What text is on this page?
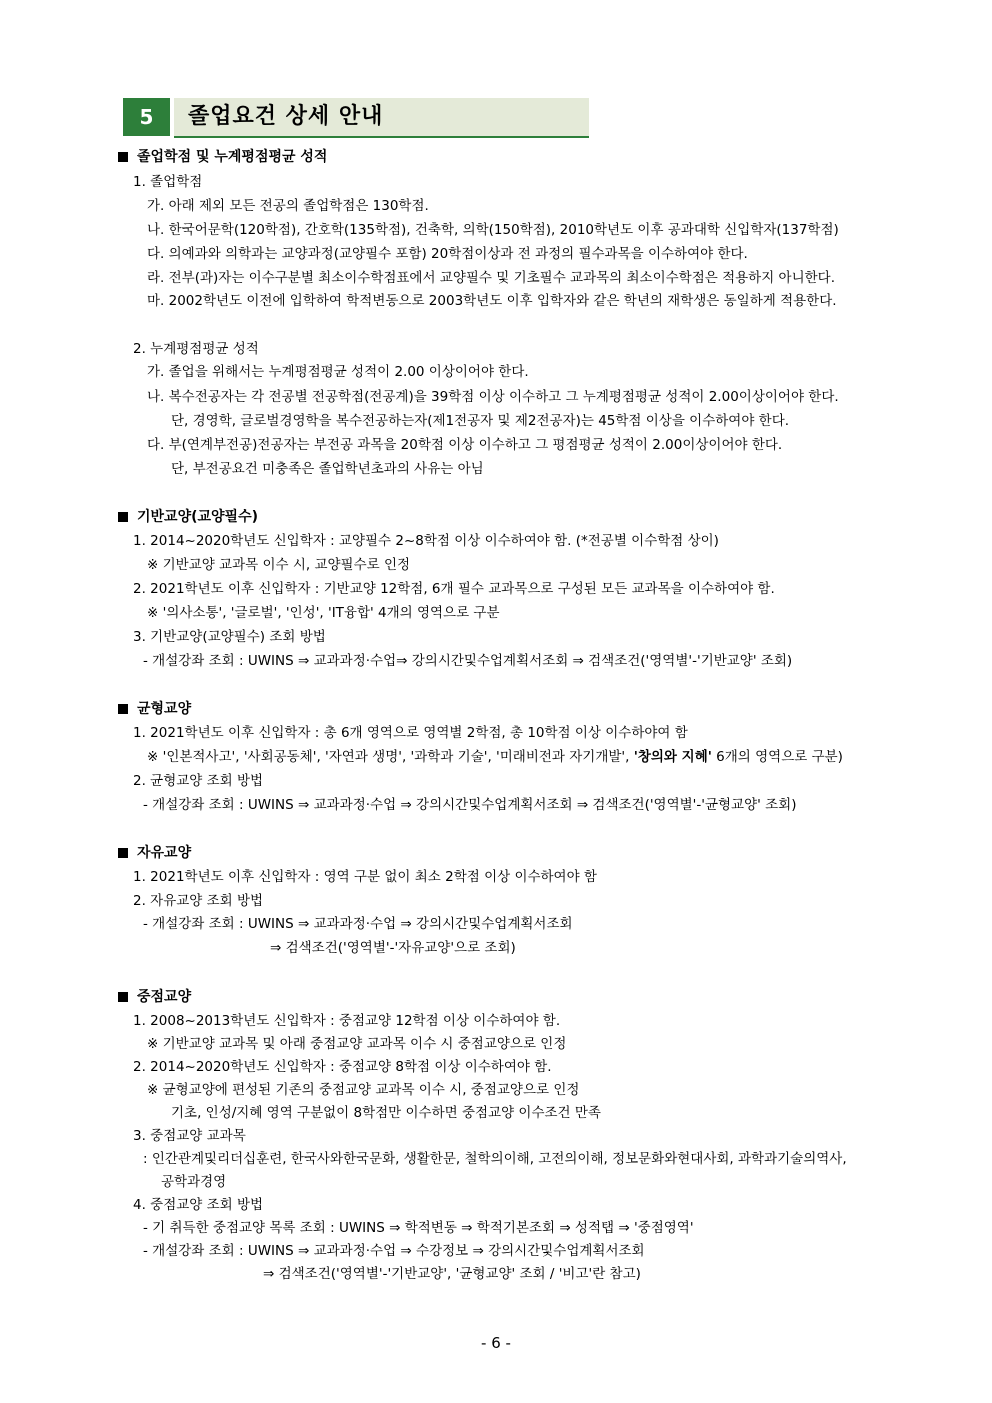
5	졸업요건 상세 안내
졸업학점 및 누계평점평균 성적
1. 졸업학점
가. 아래 제외 모든 전공의 졸업학점은 130학점.
나. 한국어문학(120학점), 간호학(135학점), 건축학, 의학(150학점), 2010학년도 이후 공과대학 신입학자(137학점)
다. 의예과와 의학과는 교양과정(교양필수 포함) 20학점이상과 전 과정의 필수과목을 이수하여야 한다.
라. 전부(과)자는 이수구분별 최소이수학점표에서 교양필수 및 기초필수 교과목의 최소이수학점은 적용하지 아니한다.
마. 2002학년도 이전에 입학하여 학적변동으로 2003학년도 이후 입학자와 같은 학년의 재학생은 동일하게 적용한다.
2. 누계평점평균 성적
가. 졸업을 위해서는 누계평점평균 성적이 2.00 이상이어야 한다.
나. 복수전공자는 각 전공별 전공학점(전공계)을 39학점 이상 이수하고 그 누계평점평균 성적이 2.00이상이어야 한다.
단, 경영학, 글로벌경영학을 복수전공하는자(제1전공자 및 제2전공자)는 45학점 이상을 이수하여야 한다.
다. 부(연계부전공)전공자는 부전공 과목을 20학점 이상 이수하고 그 평점평균 성적이 2.00이상이어야 한다.
단, 부전공요건 미충족은 졸업학년초과의 사유는 아님
기반교양(교양필수)
1. 2014~2020학년도 신입학자 : 교양필수 2~8학점 이상 이수하여야 함. (*전공별 이수학점 상이)
※ 기반교양 교과목 이수 시, 교양필수로 인정
2. 2021학년도 이후 신입학자 : 기반교양 12학점, 6개 필수 교과목으로 구성된 모든 교과목을 이수하여야 함.
※ '의사소통', '글로벌', '인성', 'IT융합' 4개의 영역으로 구분
3. 기반교양(교양필수) 조회 방법
- 개설강좌 조회 : UWINS ⇒ 교과과정·수업⇒ 강의시간및수업계획서조회 ⇒ 검색조건('영역별'-'기반교양' 조회)
균형교양
1. 2021학년도 이후 신입학자 : 총 6개 영역으로 영역별 2학점, 총 10학점 이상 이수하야여 함
※ '인본적사고', '사회공동체', '자연과 생명', '과학과 기술', '미래비전과 자기개발', '창의와 지혜' 6개의 영역으로 구분)
2. 균형교양 조회 방법
- 개설강좌 조회 : UWINS ⇒ 교과과정·수업 ⇒ 강의시간및수업계획서조회 ⇒ 검색조건('영역별'-'균형교양' 조회)
자유교양
1. 2021학년도 이후 신입학자 : 영역 구분 없이 최소 2학점 이상 이수하여야 함
2. 자유교양 조회 방법
- 개설강좌 조회 : UWINS ⇒ 교과과정·수업 ⇒ 강의시간및수업계획서조회
⇒ 검색조건('영역별'-'자유교양'으로 조회)
중점교양
1. 2008~2013학년도 신입학자 : 중점교양 12학점 이상 이수하여야 함.
※ 기반교양 교과목 및 아래 중점교양 교과목 이수 시 중점교양으로 인정
2. 2014~2020학년도 신입학자 : 중점교양 8학점 이상 이수하여야 함.
※ 균형교양에 편성된 기존의 중점교양 교과목 이수 시, 중점교양으로 인정
기초, 인성/지혜 영역 구분없이 8학점만 이수하면 중점교양 이수조건 만족
3. 중점교양 교과목
: 인간관계및리더십훈련, 한국사와한국문화, 생활한문, 철학의이해, 고전의이해, 정보문화와현대사회, 과학과기술의역사,
공학과경영
4. 중점교양 조회 방법
- 기 취득한 중점교양 목록 조회 : UWINS ⇒ 학적변동 ⇒ 학적기본조회 ⇒ 성적탭 ⇒ '중점영역'
- 개설강좌 조회 : UWINS ⇒ 교과과정·수업 ⇒ 수강정보 ⇒ 강의시간및수업계획서조회
⇒ 검색조건('영역별'-'기반교양', '균형교양' 조회 / '비고'란 참고)
- 6 -
